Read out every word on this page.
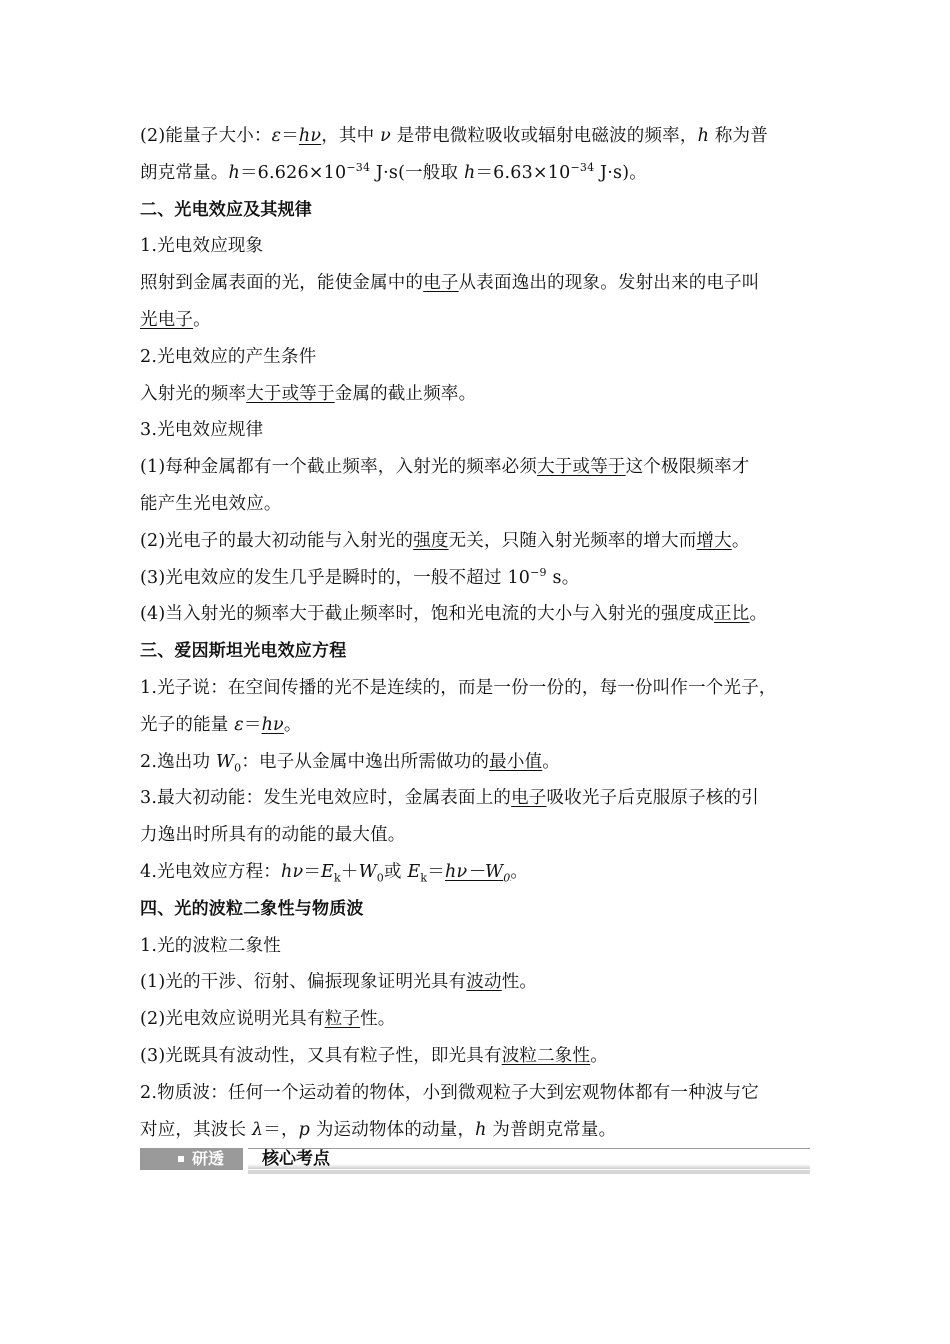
(2)能量子大小：ε＝hν，其中 ν 是带电微粒吸收或辐射电磁波的频率，h 称为普
朗克常量。$h=6.626\times 10^{-34}$ J·s(一般取 $h=6.63\times 10^{-34}$ J·s)。
二、光电效应及其规律
1.光电效应现象
照射到金属表面的光，能使金属中的电子从表面逸出的现象。发射出来的电子叫
光电子。
2.光电效应的产生条件
入射光的频率大于或等于金属的截止频率。
3.光电效应规律
(1)每种金属都有一个截止频率，入射光的频率必须大于或等于这个极限频率才
能产生光电效应。
(2)光电子的最大初动能与入射光的强度无关，只随入射光频率的增大而增大。
(3)光电效应的发生几乎是瞬时的，一般不超过 $10^{-9}$ s。
(4)当入射光的频率大于截止频率时，饱和光电流的大小与入射光的强度成正比。
三、爱因斯坦光电效应方程
1.光子说：在空间传播的光不是连续的，而是一份一份的，每一份叫作一个光子，
光子的能量 ε＝hν。
2.逸出功 $W_0$：电子从金属中逸出所需做功的最小值。
3.最大初动能：发生光电效应时，金属表面上的电子吸收光子后克服原子核的引
力逸出时所具有的动能的最大值。
4.光电效应方程：$h\nu=E_k+W_0$或 $E_k=h\nu-W_0$。
四、光的波粒二象性与物质波
1.光的波粒二象性
(1)光的干涉、衍射、偏振现象证明光具有波动性。
(2)光电效应说明光具有粒子性。
(3)光既具有波动性，又具有粒子性，即光具有波粒二象性。
2.物质波：任何一个运动着的物体，小到微观粒子大到宏观物体都有一种波与它
对应，其波长 λ＝，p 为运动物体的动量，h 为普朗克常量。
研透 核心考点
